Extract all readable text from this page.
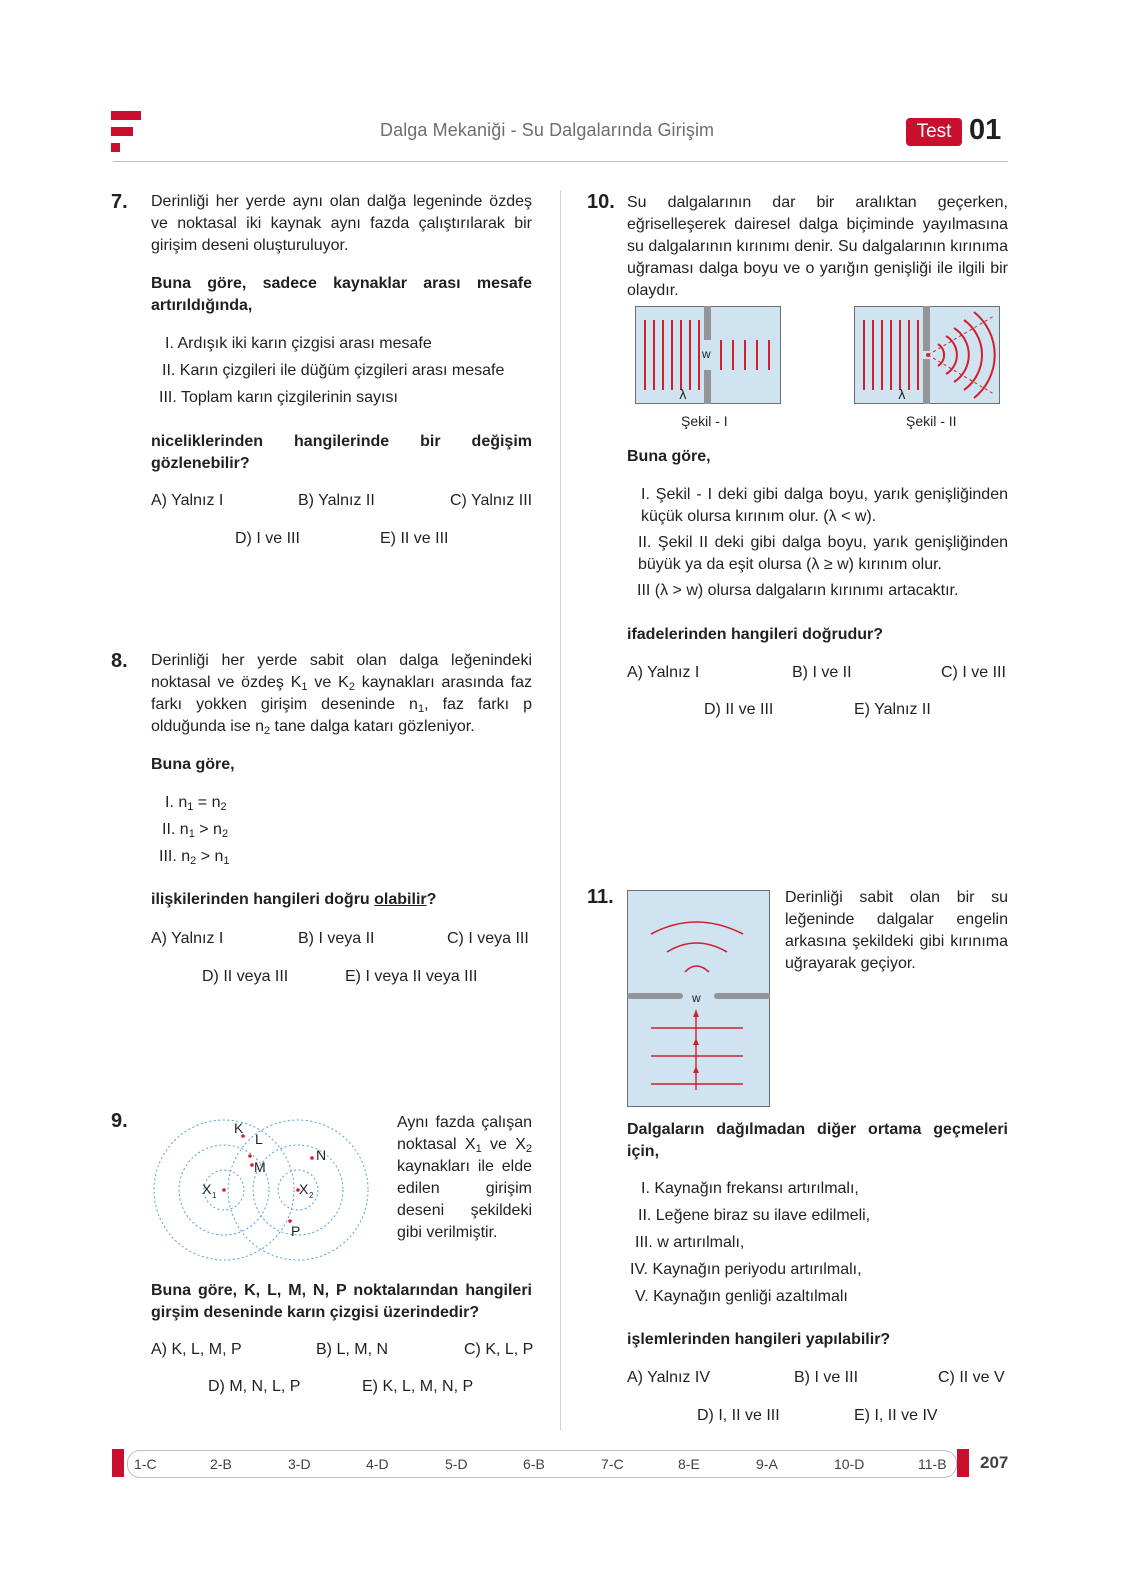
Dalga Mekaniği - Su Dalgalarında Girişim	Test 01
7. Derinliği her yerde aynı olan dalğa legeninde özdeş ve noktasal iki kaynak aynı fazda çalıştırılarak bir girişim deseni oluşturuluyor.
Buna göre, sadece kaynaklar arası mesafe artırıldığında,
I. Ardışık iki karın çizgisi arası mesafe
II. Karın çizgileri ile düğüm çizgileri arası mesafe
III. Toplam karın çizgilerinin sayısı
niceliklerinden hangilerinde bir değişim gözlenebilir?
A) Yalnız I	B) Yalnız II	C) Yalnız III
D) I ve III	E) II ve III
8. Derinliği her yerde sabit olan dalga leğenindeki noktasal ve özdeş $K_1$ ve $K_2$ kaynakları arasında faz farkı yokken girişim deseninde $n_1$, faz farkı p olduğunda ise $n_2$ tane dalga katarı gözleniyor.
Buna göre,
I. $n_1 = n_2$
II. $n_1 > n_2$
III. $n_2 > n_1$
ilişkilerinden hangileri doğru olabilir?
A) Yalnız I	B) I veya II	C) I veya III
D) II veya III	E) I veya II veya III
9.	K
L
M
N
P
X 1	X 2
Aynı fazda çalışan noktasal $X_1$ ve $X_2$ kaynakları ile elde edilen girişim deseni şekildeki gibi verilmiştir.
Buna göre, K, L, M, N, P noktalarından hangileri girşim deseninde karın çizgisi üzerindedir?
A) K, L, M, P	B) L, M, N	C) K, L, P
D) M, N, L, P	E) K, L, M, N, P
10. Su dalgalarının dar bir aralıktan geçerken, eğriselleşerek dairesel dalga biçiminde yayılmasına su dalgalarının kırınımı denir. Su dalgalarının kırınıma uğraması dalga boyu ve o yarığın genişliği ile ilgili bir olaydır.
w
λ
Şekil - I
λ
Şekil - II
Buna göre,
I. Şekil - I deki gibi dalga boyu, yarık genişliğinden küçük olursa kırınım olur. (λ < w).
II. Şekil II deki gibi dalga boyu, yarık genişliğinden büyük ya da eşit olursa (λ ≥ w) kırınım olur.
III (λ > w) olursa dalgaların kırınımı artacaktır.
ifadelerinden hangileri doğrudur?
A) Yalnız I	B) I ve II	C) I ve III
D) II ve III	E) Yalnız II
11.
w
Derinliği sabit olan bir su leğeninde dalgalar engelin arkasına şekildeki gibi kırınıma uğrayarak geçiyor.
Dalgaların dağılmadan diğer ortama geçmeleri için,
I. Kaynağın frekansı artırılmalı,
II. Leğene biraz su ilave edilmeli,
III. w artırılmalı,
IV. Kaynağın periyodu artırılmalı,
V. Kaynağın genliği azaltılmalı
işlemlerinden hangileri yapılabilir?
A) Yalnız IV	B) I ve III	C) II ve V
D) I, II ve III	E) I, II ve IV
1-C	2-B	3-D	4-D	5-D	6-B	7-C	8-E	9-A	10-D	11-B 207
